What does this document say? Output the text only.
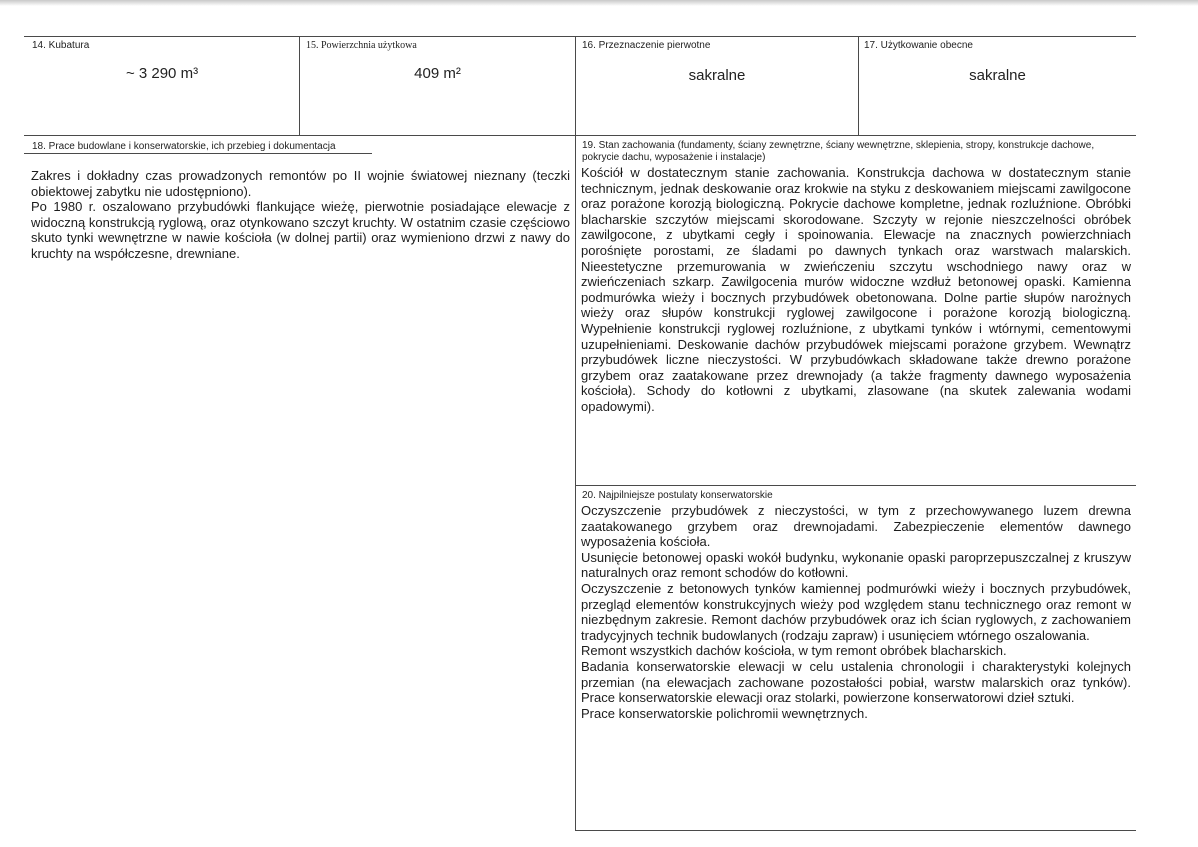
14. Kubatura
~ 3 290 m³
15. Powierzchnia użytkowa
409 m²
16. Przeznaczenie pierwotne
sakralne
17. Użytkowanie obecne
sakralne
18. Prace budowlane i konserwatorskie, ich przebieg i dokumentacja

Zakres i dokładny czas prowadzonych remontów po II wojnie światowej nieznany (teczki obiektowej zabytku nie udostępniono).

Po 1980 r. oszalowano przybudówki flankujące wieżę, pierwotnie posiadające elewacje z widoczną konstrukcją ryglową, oraz otynkowano szczyt kruchty. W ostatnim czasie częściowo skuto tynki wewnętrzne w nawie kościoła (w dolnej partii) oraz wymieniono drzwi z nawy do kruchty na współczesne, drewniane.

19. Stan zachowania (fundamenty, ściany zewnętrzne, ściany wewnętrzne, sklepienia, stropy, konstrukcje dachowe, pokrycie dachu, wyposażenie i instalacje)

Kościół w dostatecznym stanie zachowania. Konstrukcja dachowa w dostatecznym stanie technicznym, jednak deskowanie oraz krokwie na styku z deskowaniem miejscami zawilgocone oraz porażone korozją biologiczną. Pokrycie dachowe kompletne, jednak rozluźnione. Obróbki blacharskie szczytów miejscami skorodowane. Szczyty w rejonie nieszczelności obróbek zawilgocone, z ubytkami cegły i spoinowania. Elewacje na znacznych powierzchniach porośnięte porostami, ze śladami po dawnych tynkach oraz warstwach malarskich. Nieestetyczne przemurowania w zwieńczeniu szczytu wschodniego nawy oraz w zwieńczeniach szkarp. Zawilgocenia murów widoczne wzdłuż betonowej opaski. Kamienna podmurówka wieży i bocznych przybudówek obetonowana. Dolne partie słupów narożnych wieży oraz słupów konstrukcji ryglowej zawilgocone i porażone korozją biologiczną. Wypełnienie konstrukcji ryglowej rozluźnione, z ubytkami tynków i wtórnymi, cementowymi uzupełnieniami. Deskowanie dachów przybudówek miejscami porażone grzybem. Wewnątrz przybudówek liczne nieczystości. W przybudówkach składowane także drewno porażone grzybem oraz zaatakowane przez drewnojady (a także fragmenty dawnego wyposażenia kościoła). Schody do kotłowni z ubytkami, zlasowane (na skutek zalewania wodami opadowymi).

20. Najpilniejsze postulaty konserwatorskie

Oczyszczenie przybudówek z nieczystości, w tym z przechowywanego luzem drewna zaatakowanego grzybem oraz drewnojadami. Zabezpieczenie elementów dawnego wyposażenia kościoła.

Usunięcie betonowej opaski wokół budynku, wykonanie opaski paroprzepuszczalnej z kruszyw naturalnych oraz remont schodów do kotłowni.

Oczyszczenie z betonowych tynków kamiennej podmurówki wieży i bocznych przybudówek, przegląd elementów konstrukcyjnych wieży pod względem stanu technicznego oraz remont w niezbędnym zakresie. Remont dachów przybudówek oraz ich ścian ryglowych, z zachowaniem tradycyjnych technik budowlanych (rodzaju zapraw) i usunięciem wtórnego oszalowania.

Remont wszystkich dachów kościoła, w tym remont obróbek blacharskich.

Badania konserwatorskie elewacji w celu ustalenia chronologii i charakterystyki kolejnych przemian (na elewacjach zachowane pozostałości pobiał, warstw malarskich oraz tynków). Prace konserwatorskie elewacji oraz stolarki, powierzone konserwatorowi dzieł sztuki.

Prace konserwatorskie polichromii wewnętrznych.
